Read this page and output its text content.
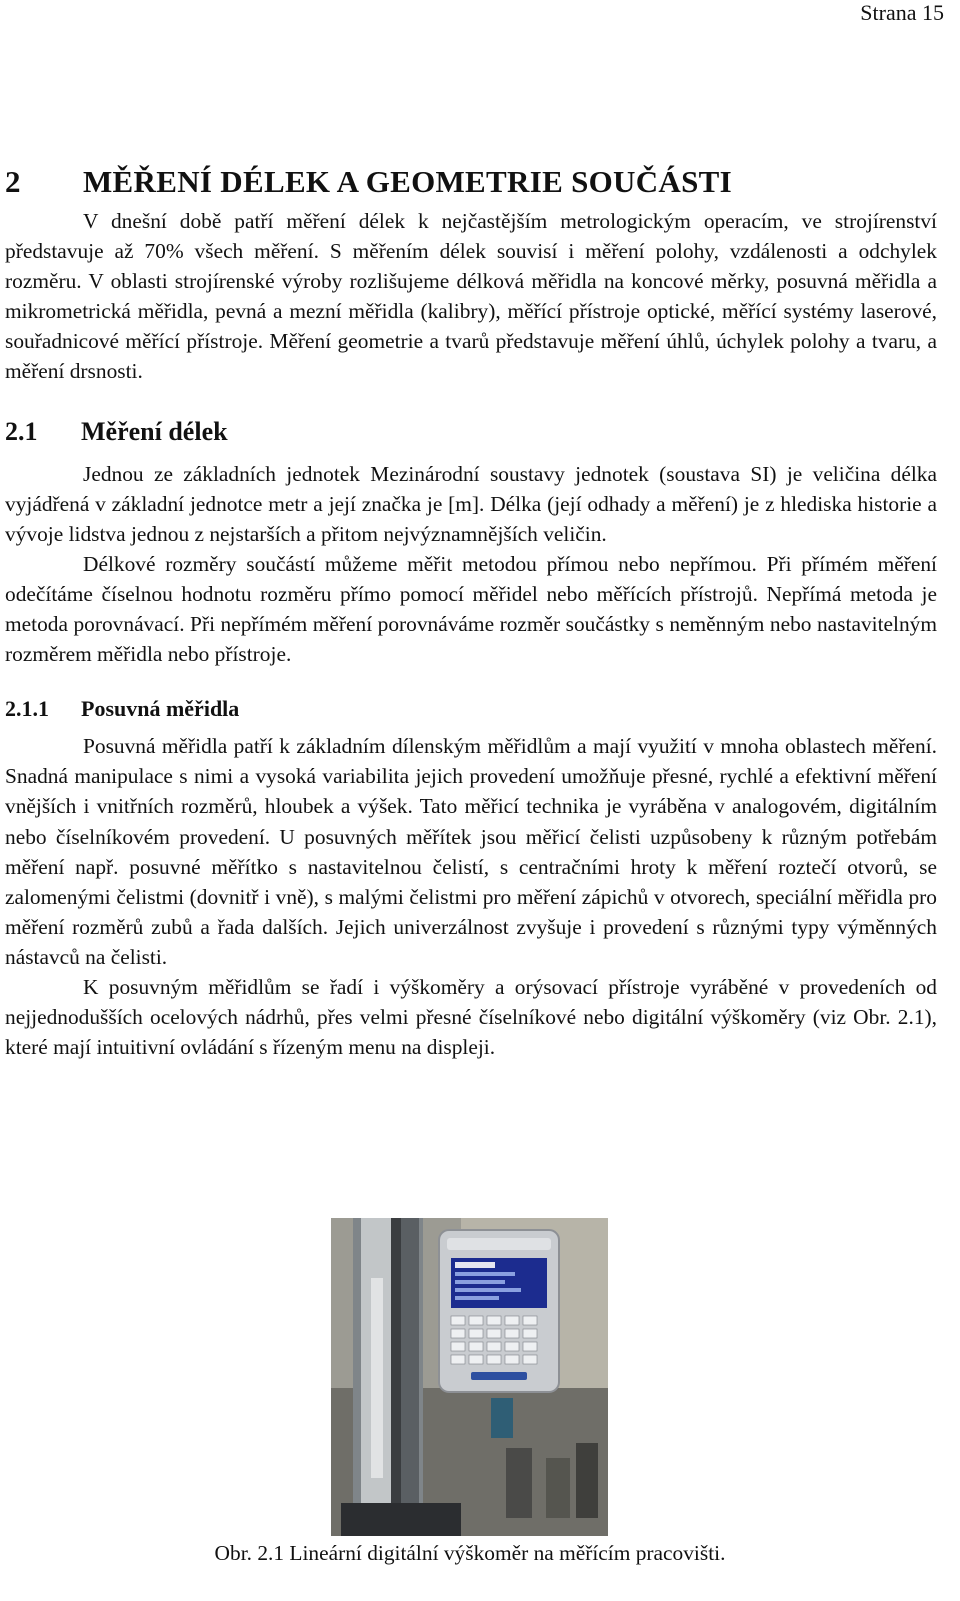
Strana 15
2	MĚŘENÍ DÉLEK A GEOMETRIE SOUČÁSTI

V dnešní době patří měření délek k nejčastějším metrologickým operacím, ve strojírenství představuje až 70% všech měření. S měřením délek souvisí i měření polohy, vzdálenosti a odchylek rozměru. V oblasti strojírenské výroby rozlišujeme délková měřidla na koncové měrky, posuvná měřidla a mikrometrická měřidla, pevná a mezní měřidla (kalibry), měřící přístroje optické, měřící systémy laserové, souřadnicové měřící přístroje. Měření geometrie a tvarů představuje měření úhlů, úchylek polohy a tvaru, a měření drsnosti.

2.1	Měření délek

Jednou ze základních jednotek Mezinárodní soustavy jednotek (soustava SI) je veličina délka vyjádřená v základní jednotce metr a její značka je [m]. Délka (její odhady a měření) je z hlediska historie a vývoje lidstva jednou z nejstarších a přitom nejvýznamnějších veličin.

Délkové rozměry součástí můžeme měřit metodou přímou nebo nepřímou. Při přímém měření odečítáme číselnou hodnotu rozměru přímo pomocí měřidel nebo měřících přístrojů. Nepřímá metoda je metoda porovnávací. Při nepřímém měření porovnáváme rozměr součástky s neměnným nebo nastavitelným rozměrem měřidla nebo přístroje.

2.1.1	Posuvná měřidla

Posuvná měřidla patří k základním dílenským měřidlům a mají využití v mnoha oblastech měření. Snadná manipulace s nimi a vysoká variabilita jejich provedení umožňuje přesné, rychlé a efektivní měření vnějších i vnitřních rozměrů, hloubek a výšek. Tato měřicí technika je vyráběna v analogovém, digitálním nebo číselníkovém provedení. U posuvných měřítek jsou měřicí čelisti uzpůsobeny k různým potřebám měření např. posuvné měřítko s nastavitelnou čelistí, s centračními hroty k měření roztečí otvorů, se zalomenými čelistmi (dovnitř i vně), s malými čelistmi pro měření zápichů v otvorech, speciální měřidla pro měření rozměrů zubů a řada dalších. Jejich univerzálnost zvyšuje i provedení s různými typy výměnných nástavců na čelisti.

K posuvným měřidlům se řadí i výškoměry a orýsovací přístroje vyráběné v provedeních od nejjednodušších ocelových nádrhů, přes velmi přesné číselníkové nebo digitální výškoměry (viz Obr. 2.1), které mají intuitivní ovládání s řízeným menu na displeji.

Obr. 2.1 Lineární digitální výškoměr na měřícím pracovišti.
